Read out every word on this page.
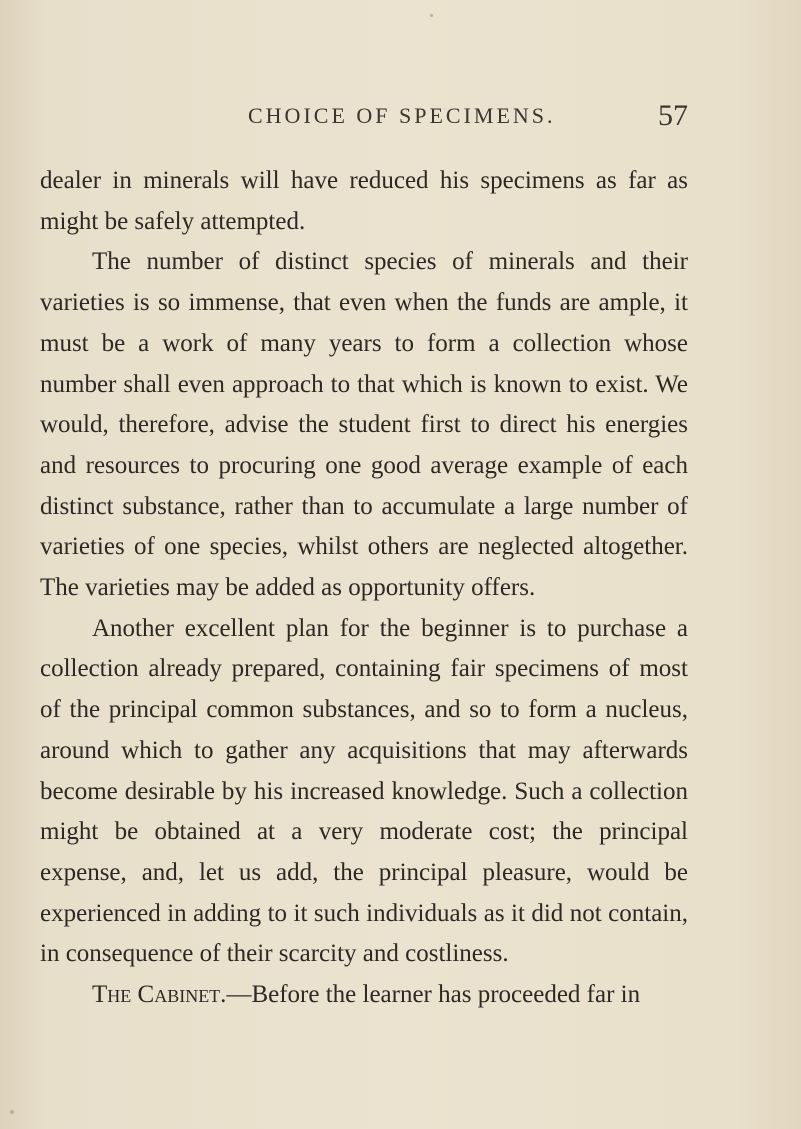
CHOICE OF SPECIMENS.	57

dealer in minerals will have reduced his specimens as far as might be safely attempted.

The number of distinct species of minerals and their varieties is so immense, that even when the funds are ample, it must be a work of many years to form a collection whose number shall even approach to that which is known to exist. We would, therefore, advise the student first to direct his energies and resources to procuring one good average example of each distinct substance, rather than to accumulate a large number of varieties of one species, whilst others are neglected altogether. The varieties may be added as opportunity offers.

Another excellent plan for the beginner is to purchase a collection already prepared, containing fair specimens of most of the principal common substances, and so to form a nucleus, around which to gather any acquisitions that may afterwards become desirable by his increased knowledge. Such a collection might be obtained at a very moderate cost; the principal expense, and, let us add, the principal pleasure, would be experienced in adding to it such individuals as it did not contain, in consequence of their scarcity and costliness.

The Cabinet.—Before the learner has proceeded far in
